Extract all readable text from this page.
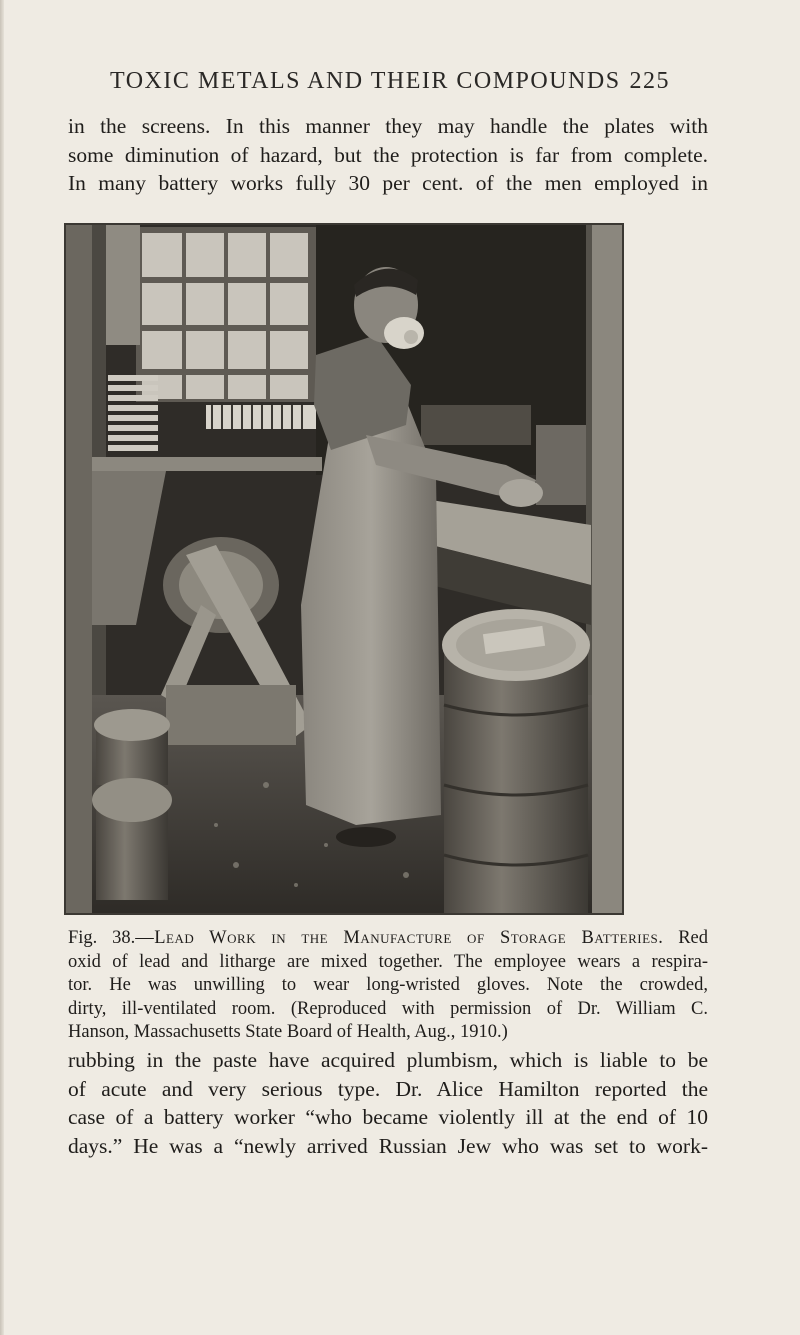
TOXIC METALS AND THEIR COMPOUNDS 225

in the screens. In this manner they may handle the plates with
some diminution of hazard, but the protection is far from complete.
In many battery works fully 30 per cent. of the men employed in

Fig. 38.—Lead Work in the Manufacture of Storage Batteries. Red
oxid of lead and litharge are mixed together. The employee wears a respira-
tor. He was unwilling to wear long-wristed gloves. Note the crowded,
dirty, ill-ventilated room. (Reproduced with permission of Dr. William C.
Hanson, Massachusetts State Board of Health, Aug., 1910.)

rubbing in the paste have acquired plumbism, which is liable to be
of acute and very serious type. Dr. Alice Hamilton reported the
case of a battery worker “who became violently ill at the end of 10
days.” He was a “newly arrived Russian Jew who was set to work-
